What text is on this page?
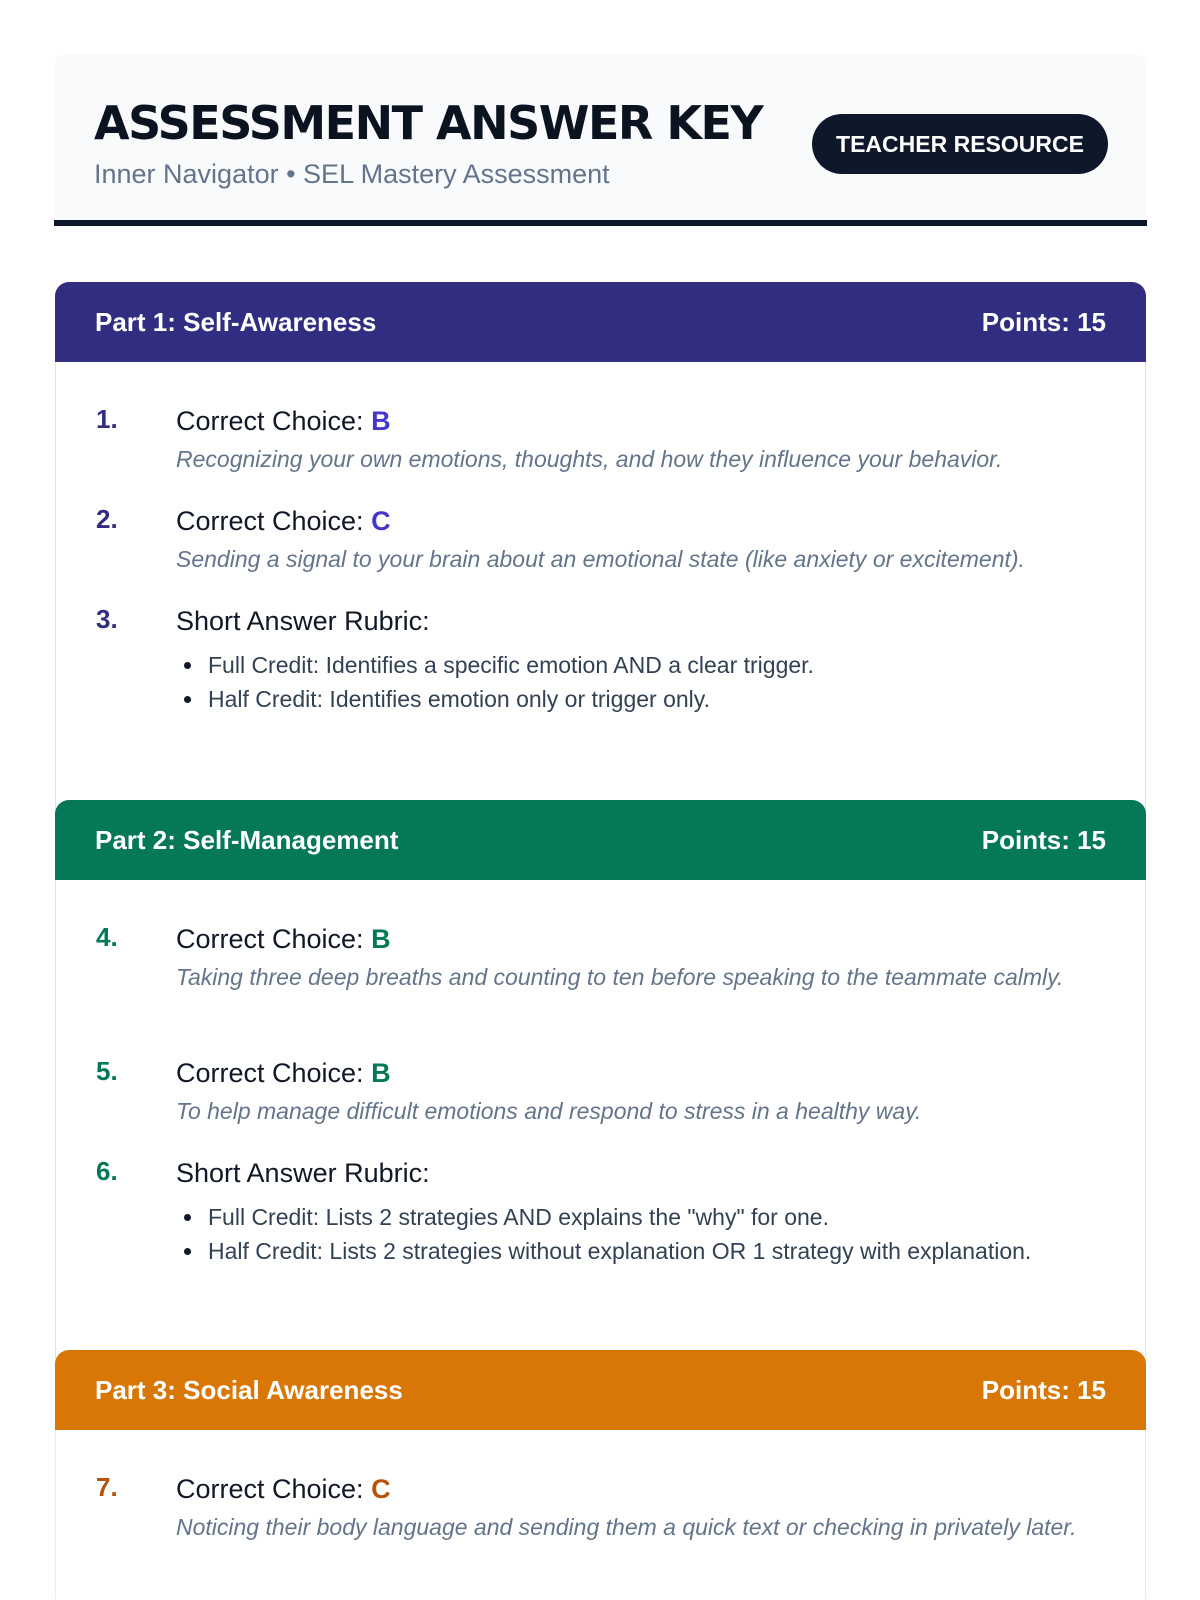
ASSESSMENT ANSWER KEY
Inner Navigator • SEL Mastery Assessment
TEACHER RESOURCE
Part 1: Self-Awareness	Points: 15
1. Correct Choice: B
Recognizing your own emotions, thoughts, and how they influence your behavior.
2. Correct Choice: C
Sending a signal to your brain about an emotional state (like anxiety or excitement).
3. Short Answer Rubric:
Full Credit: Identifies a specific emotion AND a clear trigger.
Half Credit: Identifies emotion only or trigger only.
Part 2: Self-Management	Points: 15
4. Correct Choice: B
Taking three deep breaths and counting to ten before speaking to the teammate calmly.
5. Correct Choice: B
To help manage difficult emotions and respond to stress in a healthy way.
6. Short Answer Rubric:
Full Credit: Lists 2 strategies AND explains the "why" for one.
Half Credit: Lists 2 strategies without explanation OR 1 strategy with explanation.
Part 3: Social Awareness	Points: 15
7. Correct Choice: C
Noticing their body language and sending them a quick text or checking in privately later.
